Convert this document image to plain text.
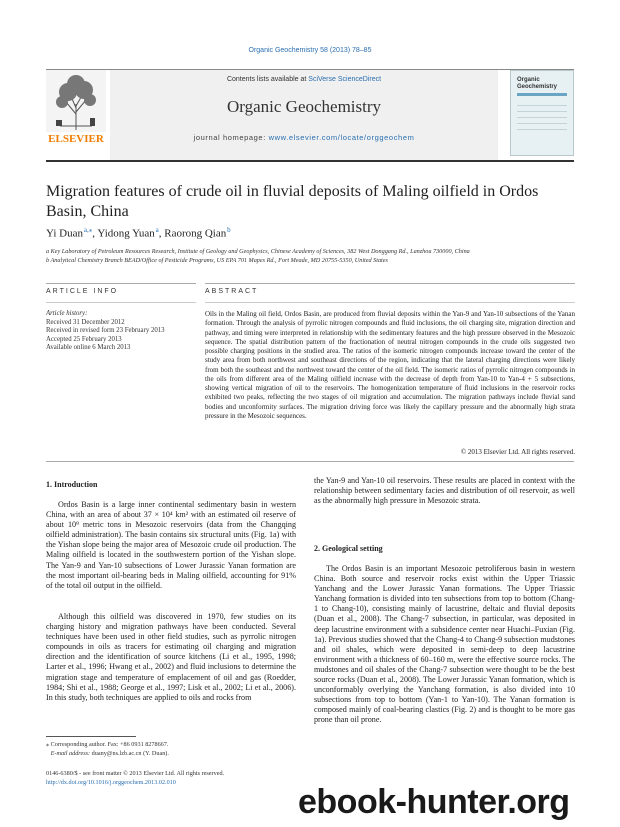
Organic Geochemistry 58 (2013) 78–85
ELSEVIER
Contents lists available at SciVerse ScienceDirect
Organic Geochemistry
journal homepage: www.elsevier.com/locate/orggeochem
Organic
Geochemistry
Migration features of crude oil in fluvial deposits of Maling oilfield in Ordos Basin, China
Yi Duan $^{a,⁎}$, Yidong Yuan $^a$, Raorong Qian $^b$
a Key Laboratory of Petroleum Resources Research, Institute of Geology and Geophysics, Chinese Academy of Sciences, 382 West Donggang Rd., Lanzhou 730000, China
b Analytical Chemistry Branch BEAD/Office of Pesticide Programs, US EPA 701 Mapes Rd., Fort Meade, MD 20755-5350, United States
ARTICLE INFO	ABSTRACT
Article history:
Received 31 December 2012
Received in revised form 23 February 2013
Accepted 25 February 2013
Available online 6 March 2013
Oils in the Maling oil field, Ordos Basin, are produced from fluvial deposits within the Yan-9 and Yan-10 subsections of the Yanan formation. Through the analysis of pyrrolic nitrogen compounds and fluid inclusions, the oil charging site, migration direction and pathway, and timing were interpreted in relationship with the sedimentary features and the high pressure observed in the Mesozoic sequence. The spatial distribution pattern of the fractionation of neutral nitrogen compounds in the crude oils suggested two possible charging positions in the studied area. The ratios of the isomeric nitrogen compounds increase toward the center of the study area from both northwest and southeast directions of the region, indicating that the lateral charging directions were likely from both the southeast and the northwest toward the center of the oil field. The isomeric ratios of pyrrolic nitrogen compounds in the oils from different area of the Maling oilfield increase with the decrease of depth from Yan-10 to Yan-4 + 5 subsections, showing vertical migration of oil to the reservoirs. The homogenization temperature of fluid inclusions in the reservoir rocks exhibited two peaks, reflecting the two stages of oil migration and accumulation. The migration pathways include fluvial sand bodies and unconformity surfaces. The migration driving force was likely the capillary pressure and the abnormally high strata pressure in the Mesozoic sequences.
© 2013 Elsevier Ltd. All rights reserved.
1. Introduction
Ordos Basin is a large inner continental sedimentary basin in western China, with an area of about 37 × 10⁴ km² with an estimated oil reserve of about 10⁹ metric tons in Mesozoic reservoirs (data from the Changqing oilfield administration). The basin contains six structural units (Fig. 1a) with the Yishan slope being the major area of Mesozoic crude oil production. The Maling oilfield is located in the southwestern portion of the Yishan slope. The Yan-9 and Yan-10 subsections of Lower Jurassic Yanan formation are the most important oil-bearing beds in Maling oilfield, accounting for 91% of the total oil output in the oilfield.
Although this oilfield was discovered in 1970, few studies on its charging history and migration pathways have been conducted. Several techniques have been used in other field studies, such as pyrrolic nitrogen compounds in oils as tracers for estimating oil charging and migration direction and the identification of source kitchens (Li et al., 1995, 1998; Larter et al., 1996; Hwang et al., 2002) and fluid inclusions to determine the migration stage and temperature of emplacement of oil and gas (Roedder, 1984; Shi et al., 1988; George et al., 1997; Lisk et al., 2002; Li et al., 2006). In this study, both techniques are applied to oils and rocks from
the Yan-9 and Yan-10 oil reservoirs. These results are placed in context with the relationship between sedimentary facies and distribution of oil reservoir, as well as the abnormally high pressure in Mesozoic strata.
2. Geological setting
The Ordos Basin is an important Mesozoic petroliferous basin in western China. Both source and reservoir rocks exist within the Upper Triassic Yanchang and the Lower Jurassic Yanan formations. The Upper Triassic Yanchang formation is divided into ten subsections from top to bottom (Chang-1 to Chang-10), consisting mainly of lacustrine, deltaic and fluvial deposits (Duan et al., 2008). The Chang-7 subsection, in particular, was deposited in deep lacustrine environment with a subsidence center near Huachi–Fuxian (Fig. 1a). Previous studies showed that the Chang-4 to Chang-9 subsection mudstones and oil shales, which were deposited in semi-deep to deep lacustrine environment with a thickness of 60–160 m, were the effective source rocks. The mudstones and oil shales of the Chang-7 subsection were thought to be the best source rocks (Duan et al., 2008). The Lower Jurassic Yanan formation, which is unconformably overlying the Yanchang formation, is also divided into 10 subsections from top to bottom (Yan-1 to Yan-10). The Yanan formation is composed mainly of coal-bearing clastics (Fig. 2) and is thought to be more gas prone than oil prone.
⁎ Corresponding author. Fax: +86 0931 8278667.
E-mail address: duany@ns.lzb.ac.cn (Y. Duan).
0146-6380/$ - see front matter © 2013 Elsevier Ltd. All rights reserved.
http://dx.doi.org/10.1016/j.orggeochem.2013.02.010
ebook-hunter.org
